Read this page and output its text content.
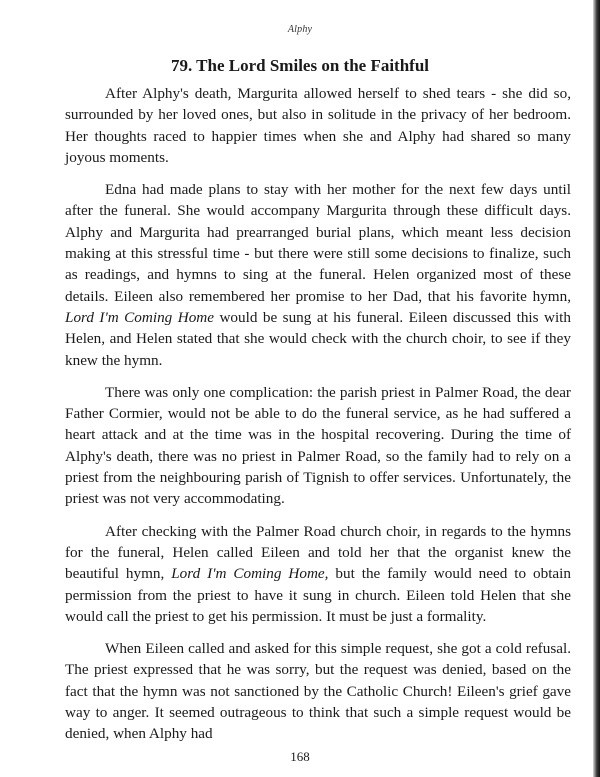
Alphy
79. The Lord Smiles on the Faithful

After Alphy's death, Margurita allowed herself to shed tears - she did so, surrounded by her loved ones, but also in solitude in the privacy of her bedroom. Her thoughts raced to happier times when she and Alphy had shared so many joyous moments.

Edna had made plans to stay with her mother for the next few days until after the funeral. She would accompany Margurita through these difficult days. Alphy and Margurita had prearranged burial plans, which meant less decision making at this stressful time - but there were still some decisions to finalize, such as readings, and hymns to sing at the funeral. Helen organized most of these details. Eileen also remembered her promise to her Dad, that his favorite hymn, Lord I'm Coming Home would be sung at his funeral. Eileen discussed this with Helen, and Helen stated that she would check with the church choir, to see if they knew the hymn.

There was only one complication: the parish priest in Palmer Road, the dear Father Cormier, would not be able to do the funeral service, as he had suffered a heart attack and at the time was in the hospital recovering. During the time of Alphy's death, there was no priest in Palmer Road, so the family had to rely on a priest from the neighbouring parish of Tignish to offer services. Unfortunately, the priest was not very accommodating.

After checking with the Palmer Road church choir, in regards to the hymns for the funeral, Helen called Eileen and told her that the organist knew the beautiful hymn, Lord I'm Coming Home, but the family would need to obtain permission from the priest to have it sung in church. Eileen told Helen that she would call the priest to get his permission. It must be just a formality.

When Eileen called and asked for this simple request, she got a cold refusal. The priest expressed that he was sorry, but the request was denied, based on the fact that the hymn was not sanctioned by the Catholic Church! Eileen's grief gave way to anger. It seemed outrageous to think that such a simple request would be denied, when Alphy had

168
